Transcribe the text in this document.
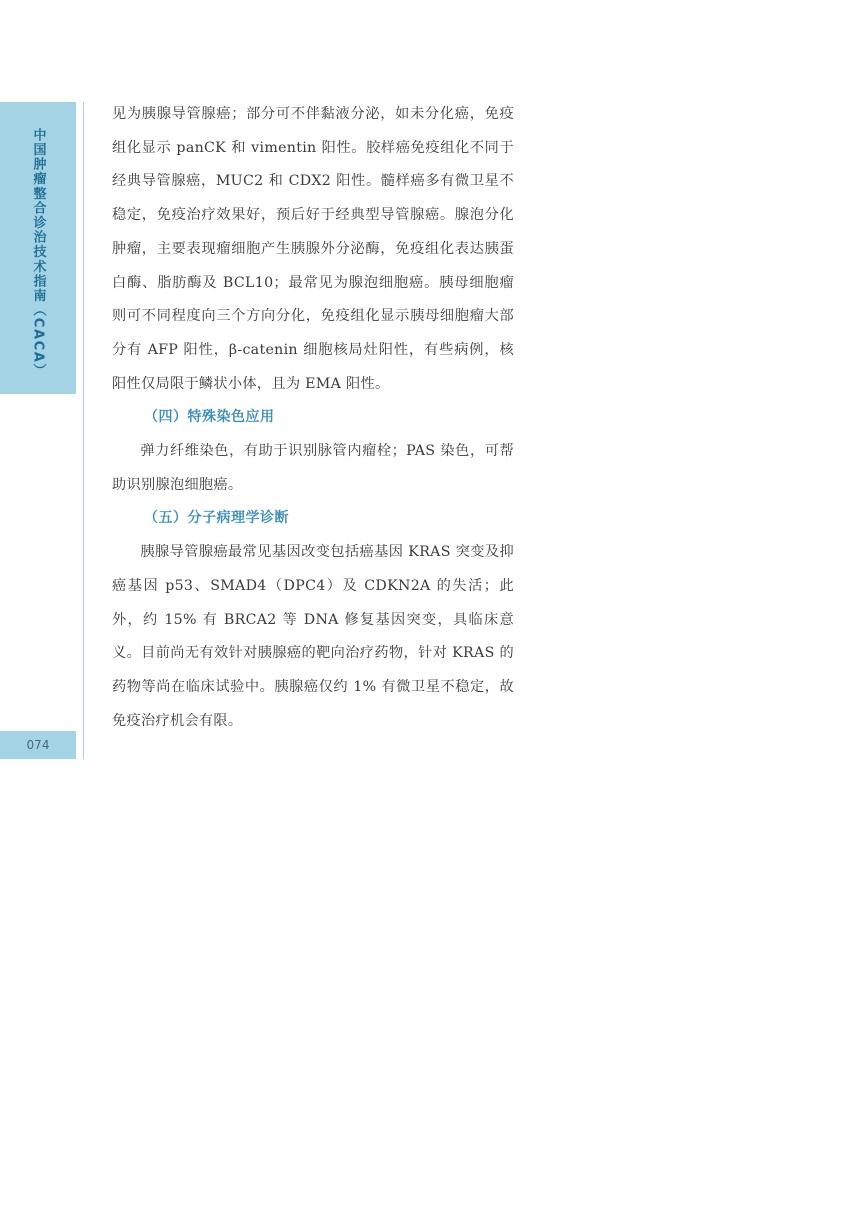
中国肿瘤整合诊治技术指南（CACA）
074

见为胰腺导管腺癌；部分可不伴黏液分泌，如未分化癌，免疫组化显示 panCK 和 vimentin 阳性。胶样癌免疫组化不同于经典导管腺癌，MUC2 和 CDX2 阳性。髓样癌多有微卫星不稳定，免疫治疗效果好，预后好于经典型导管腺癌。腺泡分化肿瘤，主要表现瘤细胞产生胰腺外分泌酶，免疫组化表达胰蛋白酶、脂肪酶及 BCL10；最常见为腺泡细胞癌。胰母细胞瘤则可不同程度向三个方向分化，免疫组化显示胰母细胞瘤大部分有 AFP 阳性，β-catenin 细胞核局灶阳性，有些病例，核阳性仅局限于鳞状小体，且为 EMA 阳性。

（四）特殊染色应用

弹力纤维染色，有助于识别脉管内瘤栓；PAS 染色，可帮助识别腺泡细胞癌。

（五）分子病理学诊断

胰腺导管腺癌最常见基因改变包括癌基因 KRAS 突变及抑癌基因 p53、SMAD4（DPC4）及 CDKN2A 的失活；此外，约 15% 有 BRCA2 等 DNA 修复基因突变，具临床意义。目前尚无有效针对胰腺癌的靶向治疗药物，针对 KRAS 的药物等尚在临床试验中。胰腺癌仅约 1% 有微卫星不稳定，故免疫治疗机会有限。
